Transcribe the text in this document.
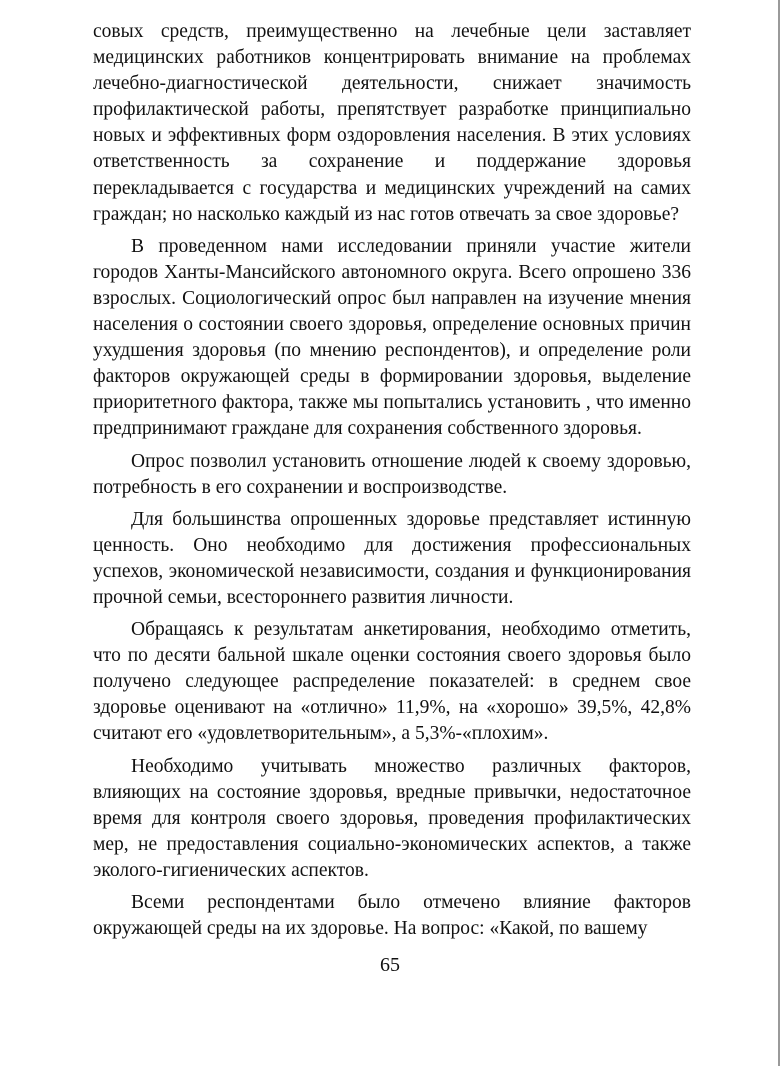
совых средств, преимущественно на лечебные цели заставляет медицинских работников концентрировать внимание на проблемах лечебно-диагностической деятельности, снижает значимость профилактической работы, препятствует разработке принципиально новых и эффективных форм оздоровления населения. В этих условиях ответственность за сохранение и поддержание здоровья перекладывается с государства и медицинских учреждений на самих граждан; но насколько каждый из нас готов отвечать за свое здоровье?

В проведенном нами исследовании приняли участие жители городов Ханты-Мансийского автономного округа. Всего опрошено 336 взрослых. Социологический опрос был направлен на изучение мнения населения о состоянии своего здоровья, определение основных причин ухудшения здоровья (по мнению респондентов), и определение роли факторов окружающей среды в формировании здоровья, выделение приоритетного фактора, также мы попытались установить , что именно предпринимают граждане для сохранения собственного здоровья.

Опрос позволил установить отношение людей к своему здоровью, потребность в его сохранении и воспроизводстве.

Для большинства опрошенных здоровье представляет истинную ценность. Оно необходимо для достижения профессиональных успехов, экономической независимости, создания и функционирования прочной семьи, всестороннего развития личности.

Обращаясь к результатам анкетирования, необходимо отметить, что по десяти бальной шкале оценки состояния своего здоровья было получено следующее распределение показателей: в среднем свое здоровье оценивают на «отлично» 11,9%, на «хорошо» 39,5%, 42,8% считают его «удовлетворительным», а 5,3%-«плохим».

Необходимо учитывать множество различных факторов, влияющих на состояние здоровья, вредные привычки, недостаточное время для контроля своего здоровья, проведения профилактических мер, не предоставления социально-экономических аспектов, а также эколого-гигиенических аспектов.

Всеми респондентами было отмечено влияние факторов окружающей среды на их здоровье. На вопрос: «Какой, по вашему

65
